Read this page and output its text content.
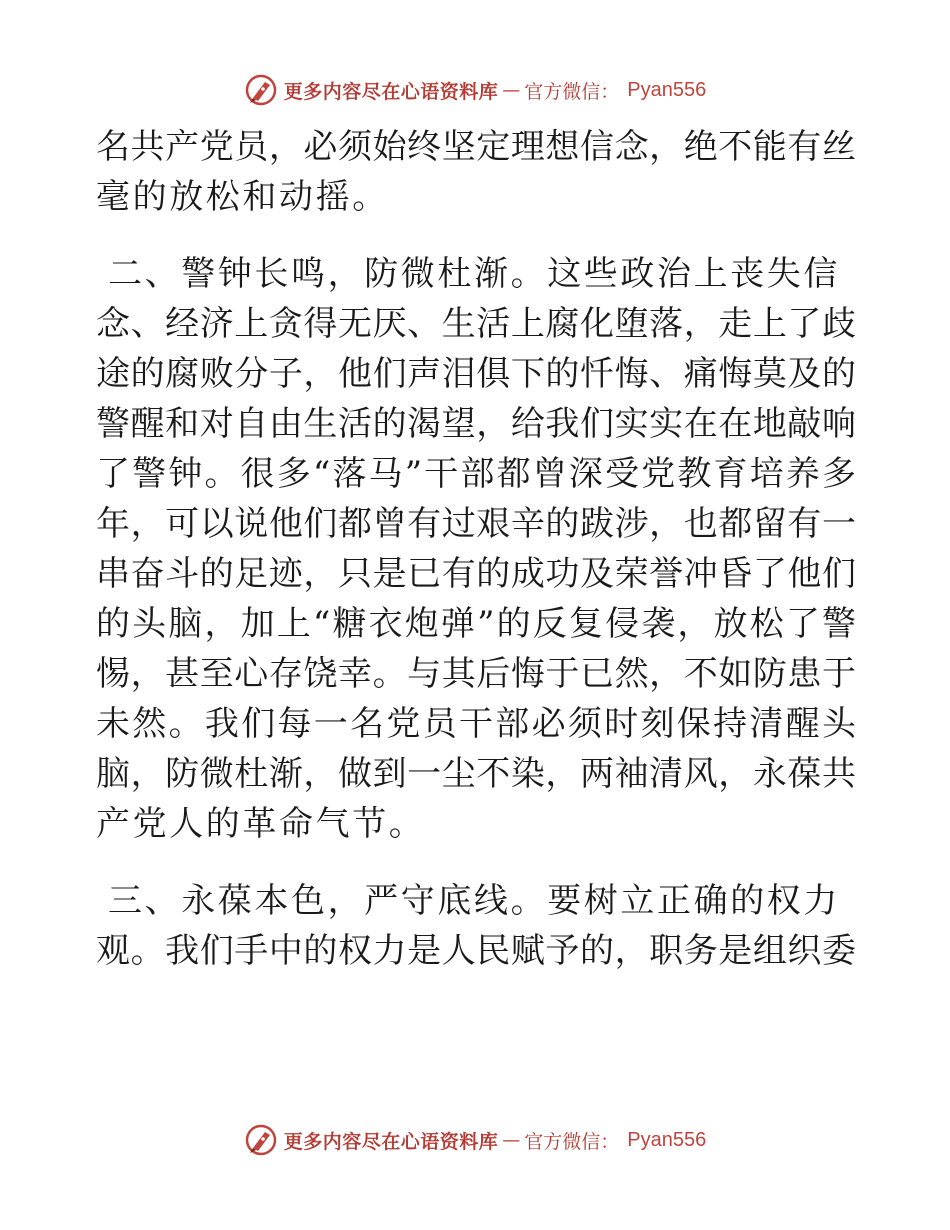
更多内容尽在心语资料库 — 官方微信： Pyan556
名共产党员，必须始终坚定理想信念，绝不能有丝
毫的放松和动摇。
二、警钟长鸣，防微杜渐。这些政治上丧失信
念、经济上贪得无厌、生活上腐化堕落，走上了歧
途的腐败分子，他们声泪俱下的忏悔、痛悔莫及的
警醒和对自由生活的渴望，给我们实实在在地敲响
了警钟。很多“落马”干部都曾深受党教育培养多
年，可以说他们都曾有过艰辛的跋涉，也都留有一
串奋斗的足迹，只是已有的成功及荣誉冲昏了他们
的头脑，加上“糖衣炮弹”的反复侵袭，放松了警
惕，甚至心存饶幸。与其后悔于已然，不如防患于
未然。我们每一名党员干部必须时刻保持清醒头
脑，防微杜渐，做到一尘不染，两袖清风，永葆共
产党人的革命气节。
三、永葆本色，严守底线。要树立正确的权力
观。我们手中的权力是人民赋予的，职务是组织委
更多内容尽在心语资料库 — 官方微信： Pyan556
